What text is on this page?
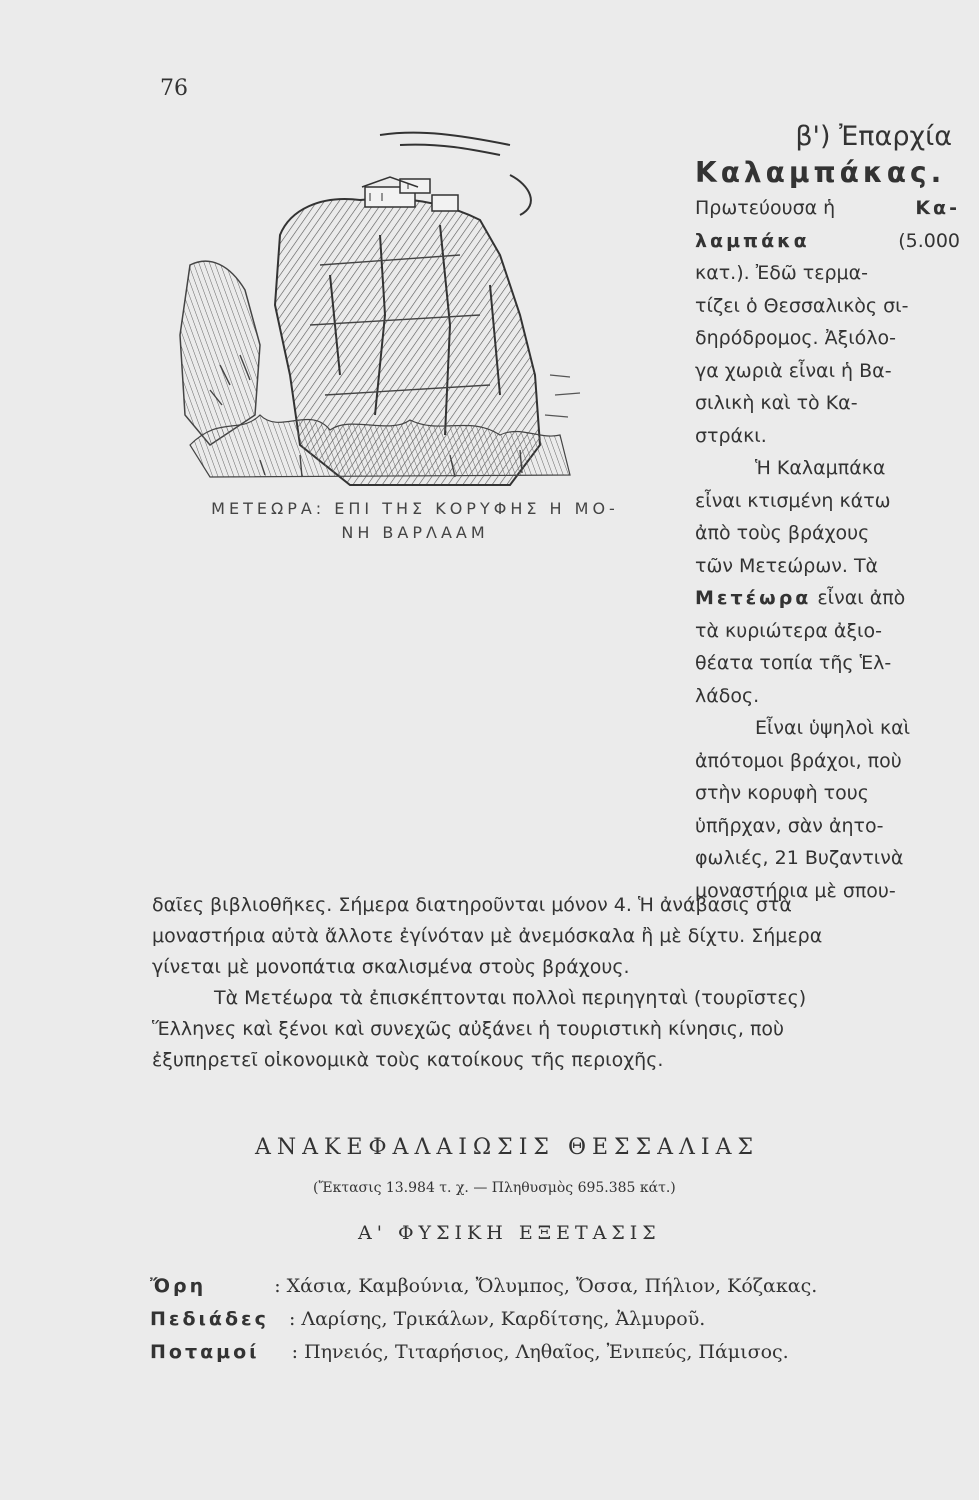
76
ΜΕΤΕΩΡΑ: ΕΠΙ ΤΗΣ ΚΟΡΥΦΗΣ Η ΜΟ-
ΝΗ ΒΑΡΛΑΑΜ
β') Ἐπαρχία
Καλαμπάκας.
Πρωτεύουσα ἡ	Κα-
λαμπάκα	(5.000
κατ.). Ἐδῶ τερμα-
τίζει ὁ Θεσσαλικὸς σι-
δηρόδρομος. Ἀξιόλο-
γα χωριὰ εἶναι ἡ Βα-
σιλικὴ καὶ τὸ Κα-
στράκι.
Ἡ Καλαμπάκα
εἶναι κτισμένη κάτω
ἀπὸ τοὺς βράχους
τῶν Μετεώρων. Τὰ
Μετέωρα εἶναι ἀπὸ
τὰ κυριώτερα ἀξιο-
θέατα τοπία τῆς Ἑλ-
λάδος.
Εἶναι ὑψηλοὶ καὶ
ἀπότομοι βράχοι, ποὺ
στὴν κορυφὴ τους
ὑπῆρχαν, σὰν ἀητο-
φωλιές, 21 Βυζαντινὰ
μοναστήρια μὲ σπου-
δαῖες βιβλιοθῆκες. Σήμερα διατηροῦνται μόνον 4. Ἡ ἀνάβασις στὰ
μοναστήρια αὐτὰ ἄλλοτε ἐγίνόταν μὲ ἀνεμόσκαλα ἢ μὲ δίχτυ. Σήμερα
γίνεται μὲ μονοπάτια σκαλισμένα στοὺς βράχους.
Τὰ Μετέωρα τὰ ἐπισκέπτονται πολλοὶ περιηγηταὶ (τουρῖστες)
Ἕλληνες καὶ ξένοι καὶ συνεχῶς αὐξάνει ἡ τουριστικὴ κίνησις, ποὺ
ἐξυπηρετεῖ οἰκονομικὰ τοὺς κατοίκους τῆς περιοχῆς.
ΑΝΑΚΕΦΑΛΑΙΩΣΙΣ ΘΕΣΣΑΛΙΑΣ
(Ἔκτασις 13.984 τ. χ. — Πληθυσμὸς 695.385 κάτ.)
Α' ΦΥΣΙΚΗ ΕΞΕΤΑΣΙΣ
Ὄρη	: Χάσια, Καμβούνια, Ὄλυμπος, Ὄσσα, Πήλιον, Κόζακας.
Πεδιάδες : Λαρίσης, Τρικάλων, Καρδίτσης, Ἁλμυροῦ.
Ποταμοί : Πηνειός, Τιταρήσιος, Ληθαῖος, Ἐνιπεύς, Πάμισος.
